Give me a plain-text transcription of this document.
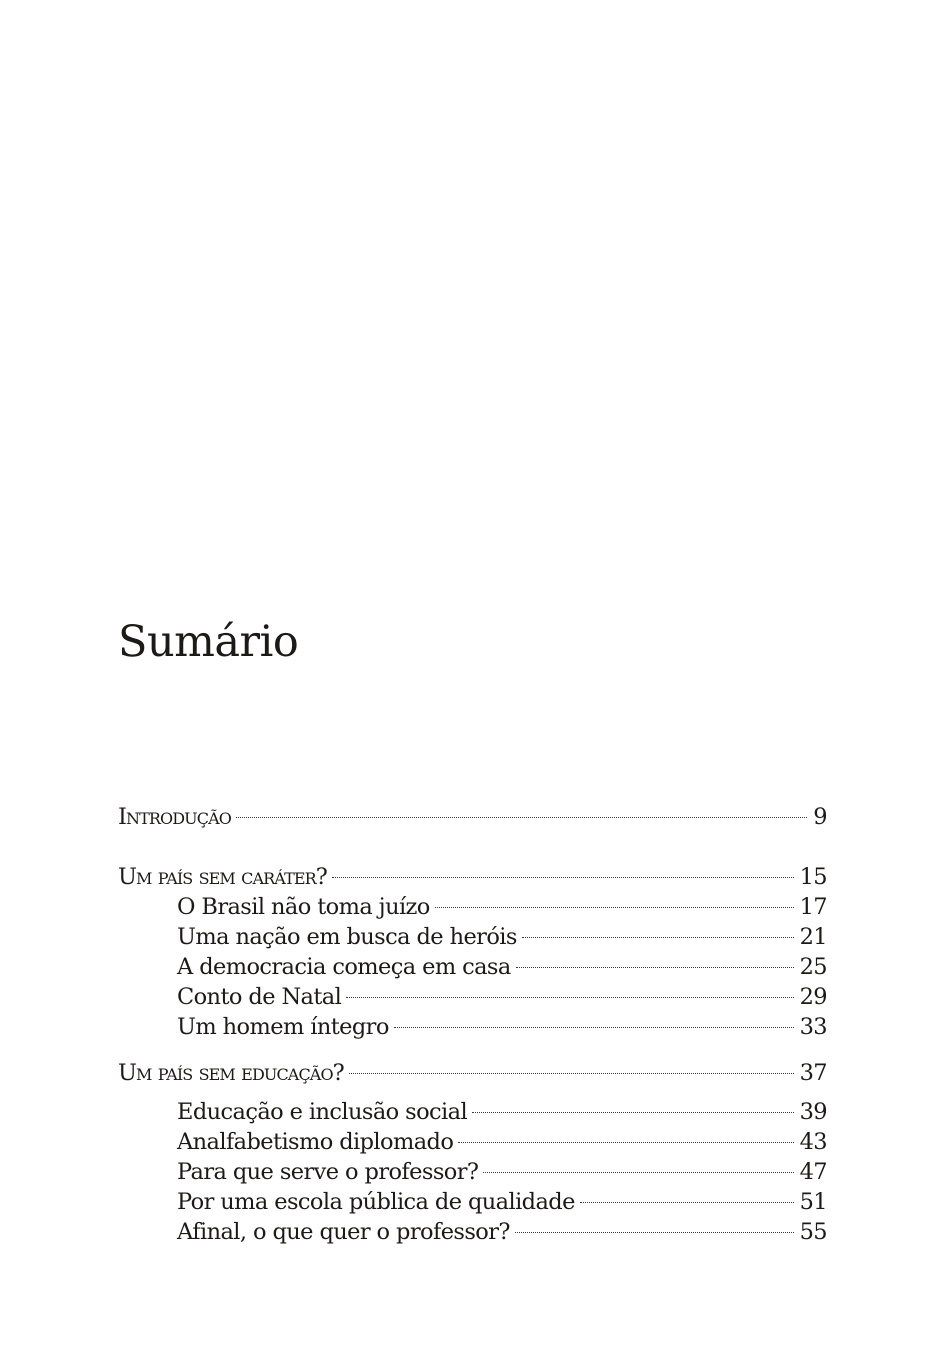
Sumário
Introdução	9
Um país sem caráter?	15
O Brasil não toma juízo	17
Uma nação em busca de heróis	21
A democracia começa em casa	25
Conto de Natal	29
Um homem íntegro	33
Um país sem educação?	37
Educação e inclusão social	39
Analfabetismo diplomado	43
Para que serve o professor?	47
Por uma escola pública de qualidade	51
Afinal, o que quer o professor?	55
